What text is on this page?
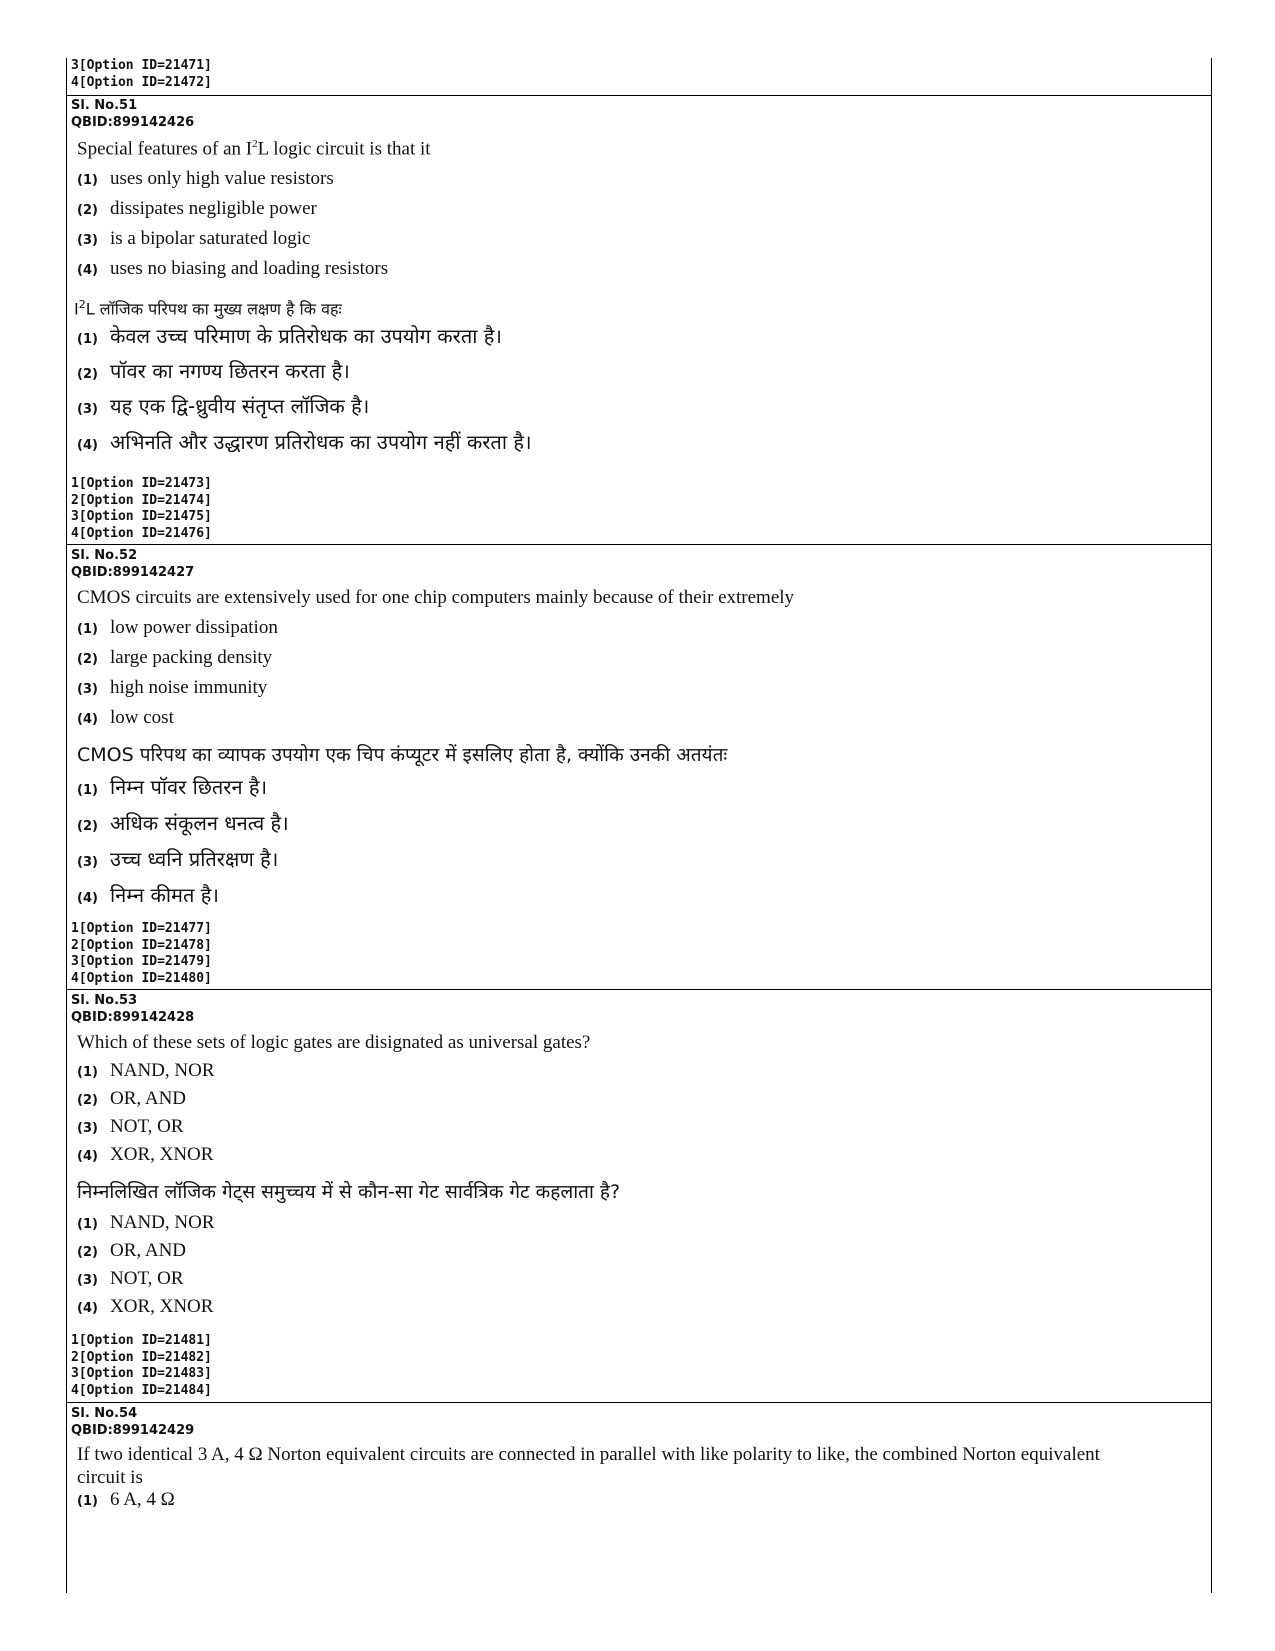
3[Option ID=21471]
4[Option ID=21472]
Sl. No.51
QBID:899142426
Special features of an $I^2L$ logic circuit is that it
(1) uses only high value resistors
(2) dissipates negligible power
(3) is a bipolar saturated logic
(4) uses no biasing and loading resistors
$I^2L$ लॉजिक परिपथ का मुख्य लक्षण है कि वहः
(1) केवल उच्च परिमाण के प्रतिरोधक का उपयोग करता है।
(2) पॉवर का नगण्य छितरन करता है।
(3) यह एक द्वि-ध्रुवीय संतृप्त लॉजिक है।
(4) अभिनति और उद्धारण प्रतिरोधक का उपयोग नहीं करता है।
1[Option ID=21473]
2[Option ID=21474]
3[Option ID=21475]
4[Option ID=21476]
Sl. No.52
QBID:899142427
CMOS circuits are extensively used for one chip computers mainly because of their extremely
(1) low power dissipation
(2) large packing density
(3) high noise immunity
(4) low cost
CMOS परिपथ का व्यापक उपयोग एक चिप कंप्यूटर में इसलिए होता है, क्योंकि उनकी अतयंतः
(1) निम्न पॉवर छितरन है।
(2) अधिक संकूलन धनत्व है।
(3) उच्च ध्वनि प्रतिरक्षण है।
(4) निम्न कीमत है।
1[Option ID=21477]
2[Option ID=21478]
3[Option ID=21479]
4[Option ID=21480]
Sl. No.53
QBID:899142428
Which of these sets of logic gates are disignated as universal gates?
(1) NAND, NOR
(2) OR, AND
(3) NOT, OR
(4) XOR, XNOR
निम्नलिखित लॉजिक गेट्स समुच्चय में से कौन-सा गेट सार्वत्रिक गेट कहलाता है?
(1) NAND, NOR
(2) OR, AND
(3) NOT, OR
(4) XOR, XNOR
1[Option ID=21481]
2[Option ID=21482]
3[Option ID=21483]
4[Option ID=21484]
Sl. No.54
QBID:899142429
If two identical 3 A, 4 Ω Norton equivalent circuits are connected in parallel with like polarity to like, the combined Norton equivalent circuit is
(1) 6 A, 4 Ω
